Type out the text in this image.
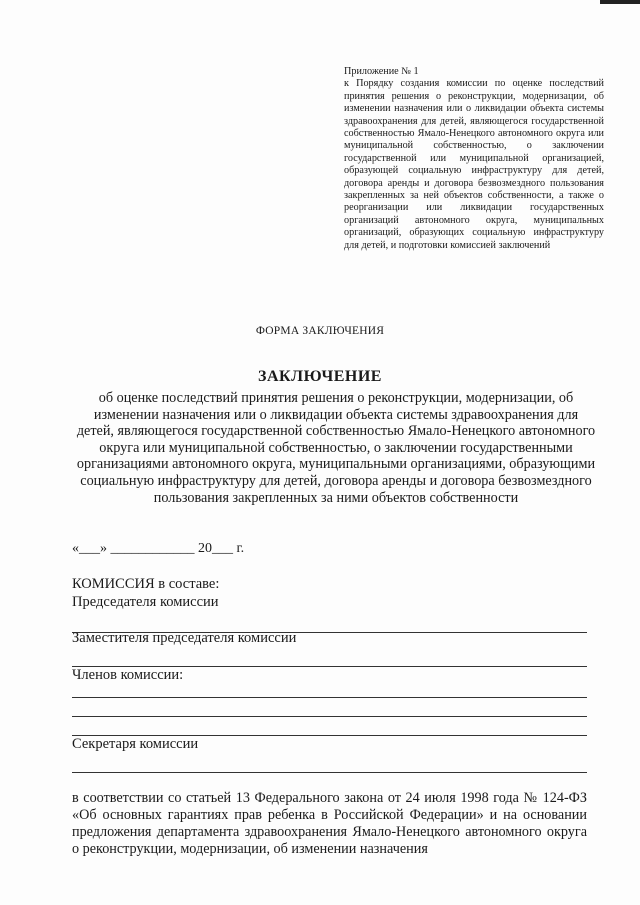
Приложение № 1
к Порядку создания комиссии по оценке последствий принятия решения о реконструкции, модернизации, об изменении назначения или о ликвидации объекта системы здравоохранения для детей, являющегося государственной собственностью Ямало-Ненецкого автономного округа или муниципальной собственностью, о заключении государственной или муниципальной организацией, образующей социальную инфраструктуру для детей, договора аренды и договора безвозмездного пользования закрепленных за ней объектов собственности, а также о реорганизации или ликвидации государственных организаций автономного округа, муниципальных организаций, образующих социальную инфраструктуру для детей, и подготовки комиссией заключений
ФОРМА ЗАКЛЮЧЕНИЯ
ЗАКЛЮЧЕНИЕ
об оценке последствий принятия решения о реконструкции, модернизации, об изменении назначения или о ликвидации объекта системы здравоохранения для детей, являющегося государственной собственностью Ямало-Ненецкого автономного округа или муниципальной собственностью, о заключении государственными организациями автономного округа, муниципальными организациями, образующими социальную инфраструктуру для детей, договора аренды и договора безвозмездного пользования закрепленных за ними объектов собственности
«___» ____________ 20___ г.
КОМИССИЯ в составе:
Председателя комиссии
Заместителя председателя комиссии
Членов комиссии:
Секретаря комиссии
в соответствии со статьей 13 Федерального закона от 24 июля 1998 года № 124-ФЗ «Об основных гарантиях прав ребенка в Российской Федерации» и на основании предложения департамента здравоохранения Ямало-Ненецкого автономного округа о реконструкции, модернизации, об изменении назначения
